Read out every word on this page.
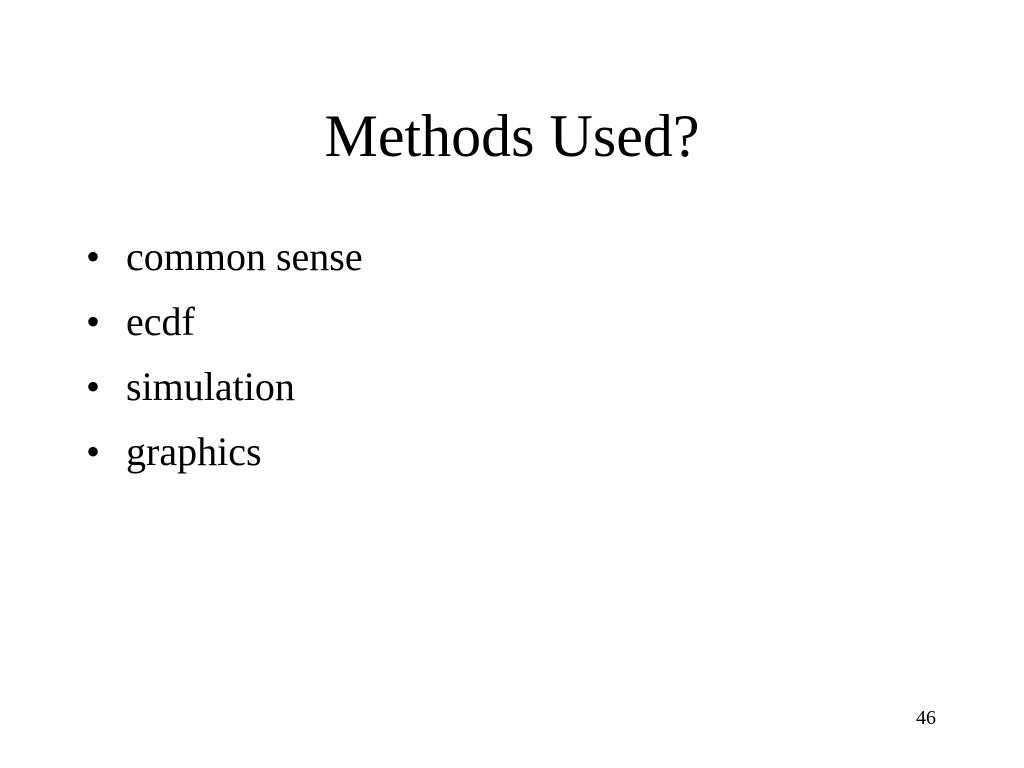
Methods Used?
• common sense
• ecdf
• simulation
• graphics
46
